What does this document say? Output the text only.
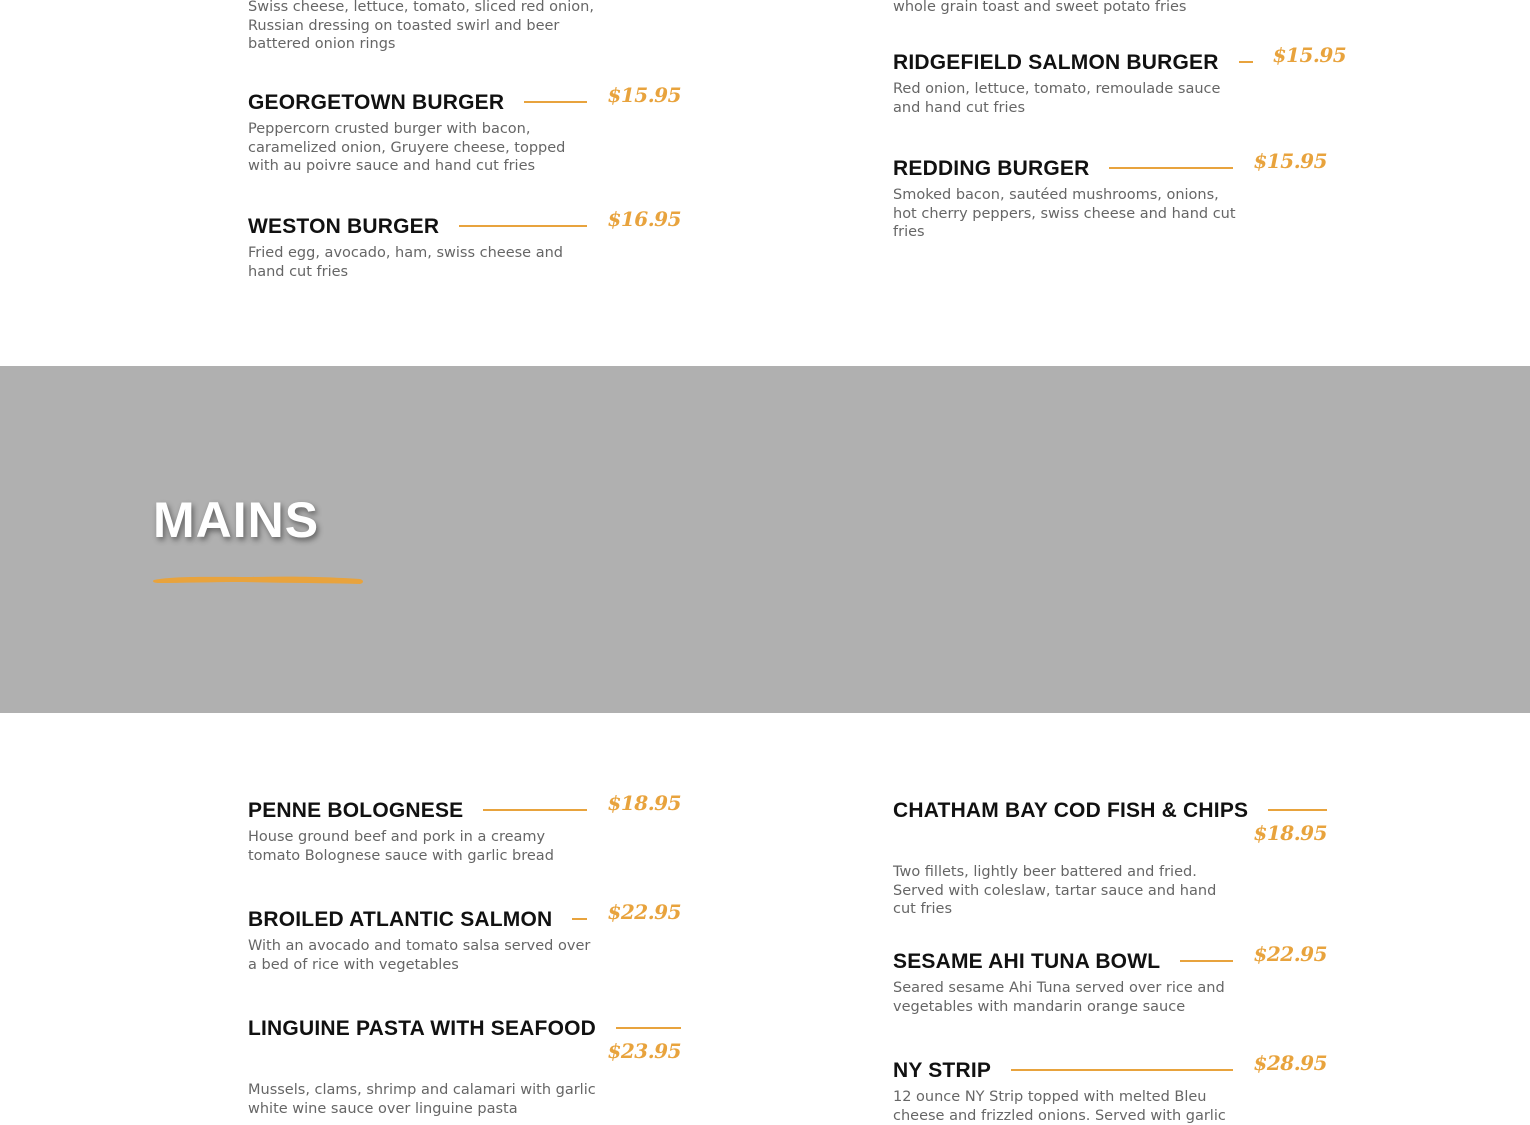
Swiss cheese, lettuce, tomato, sliced red onion, Russian dressing on toasted swirl and beer battered onion rings
whole grain toast and sweet potato fries
GEORGETOWN BURGER	$15.95
Peppercorn crusted burger with bacon, caramelized onion, Gruyere cheese, topped with au poivre sauce and hand cut fries
WESTON BURGER	$16.95
Fried egg, avocado, ham, swiss cheese and hand cut fries
RIDGEFIELD SALMON BURGER	$15.95
Red onion, lettuce, tomato, remoulade sauce and hand cut fries
REDDING BURGER	$15.95
Smoked bacon, sautéed mushrooms, onions, hot cherry peppers, swiss cheese and hand cut fries
MAINS
PENNE BOLOGNESE	$18.95
House ground beef and pork in a creamy tomato Bolognese sauce with garlic bread
BROILED ATLANTIC SALMON	$22.95
With an avocado and tomato salsa served over a bed of rice with vegetables
LINGUINE PASTA WITH SEAFOOD
$23.95
Mussels, clams, shrimp and calamari with garlic white wine sauce over linguine pasta
CHATHAM BAY COD FISH & CHIPS
$18.95
Two fillets, lightly beer battered and fried. Served with coleslaw, tartar sauce and hand cut fries
SESAME AHI TUNA BOWL	$22.95
Seared sesame Ahi Tuna served over rice and vegetables with mandarin orange sauce
NY STRIP	$28.95
12 ounce NY Strip topped with melted Bleu cheese and frizzled onions. Served with garlic
